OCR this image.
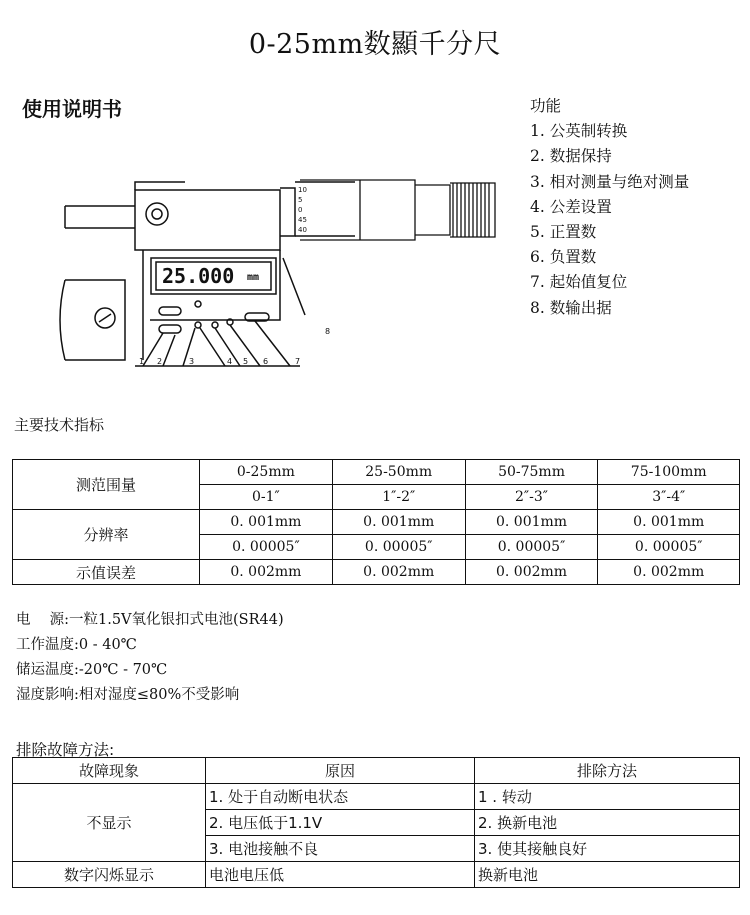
0-25mm数顯千分尺
使用说明书	功能
1. 公英制转换
2. 数据保持
3. 相对测量与绝对测量
4. 公差设置
5. 正置数
6. 负置数
7. 起始值复位
8. 数输出据
25.000 mm
10
5
0
45
40
1 2	3	4 5 6	7
8
主要技术指标
测范围量	0-25mm	25-50mm	50-75mm	75-100mm
	0-1″	1″-2″	2″-3″	3″-4″
分辨率	0. 001mm	0. 001mm	0. 001mm	0. 001mm
	0. 00005″	0. 00005″	0. 00005″	0. 00005″
示值误差	0. 002mm	0. 002mm	0. 002mm	0. 002mm
电　 源:一粒1.5V氧化银扣式电池(SR44)
工作温度:0 - 40℃
储运温度:-20℃ - 70℃
湿度影响:相对湿度≤80%不受影响
排除故障方法:
故障现象	原因	排除方法
不显示	1. 处于自动断电状态	1 . 转动
	2. 电压低于1.1V	2. 换新电池
	3. 电池接触不良	3. 使其接触良好
数字闪烁显示	电池电压低	换新电池
